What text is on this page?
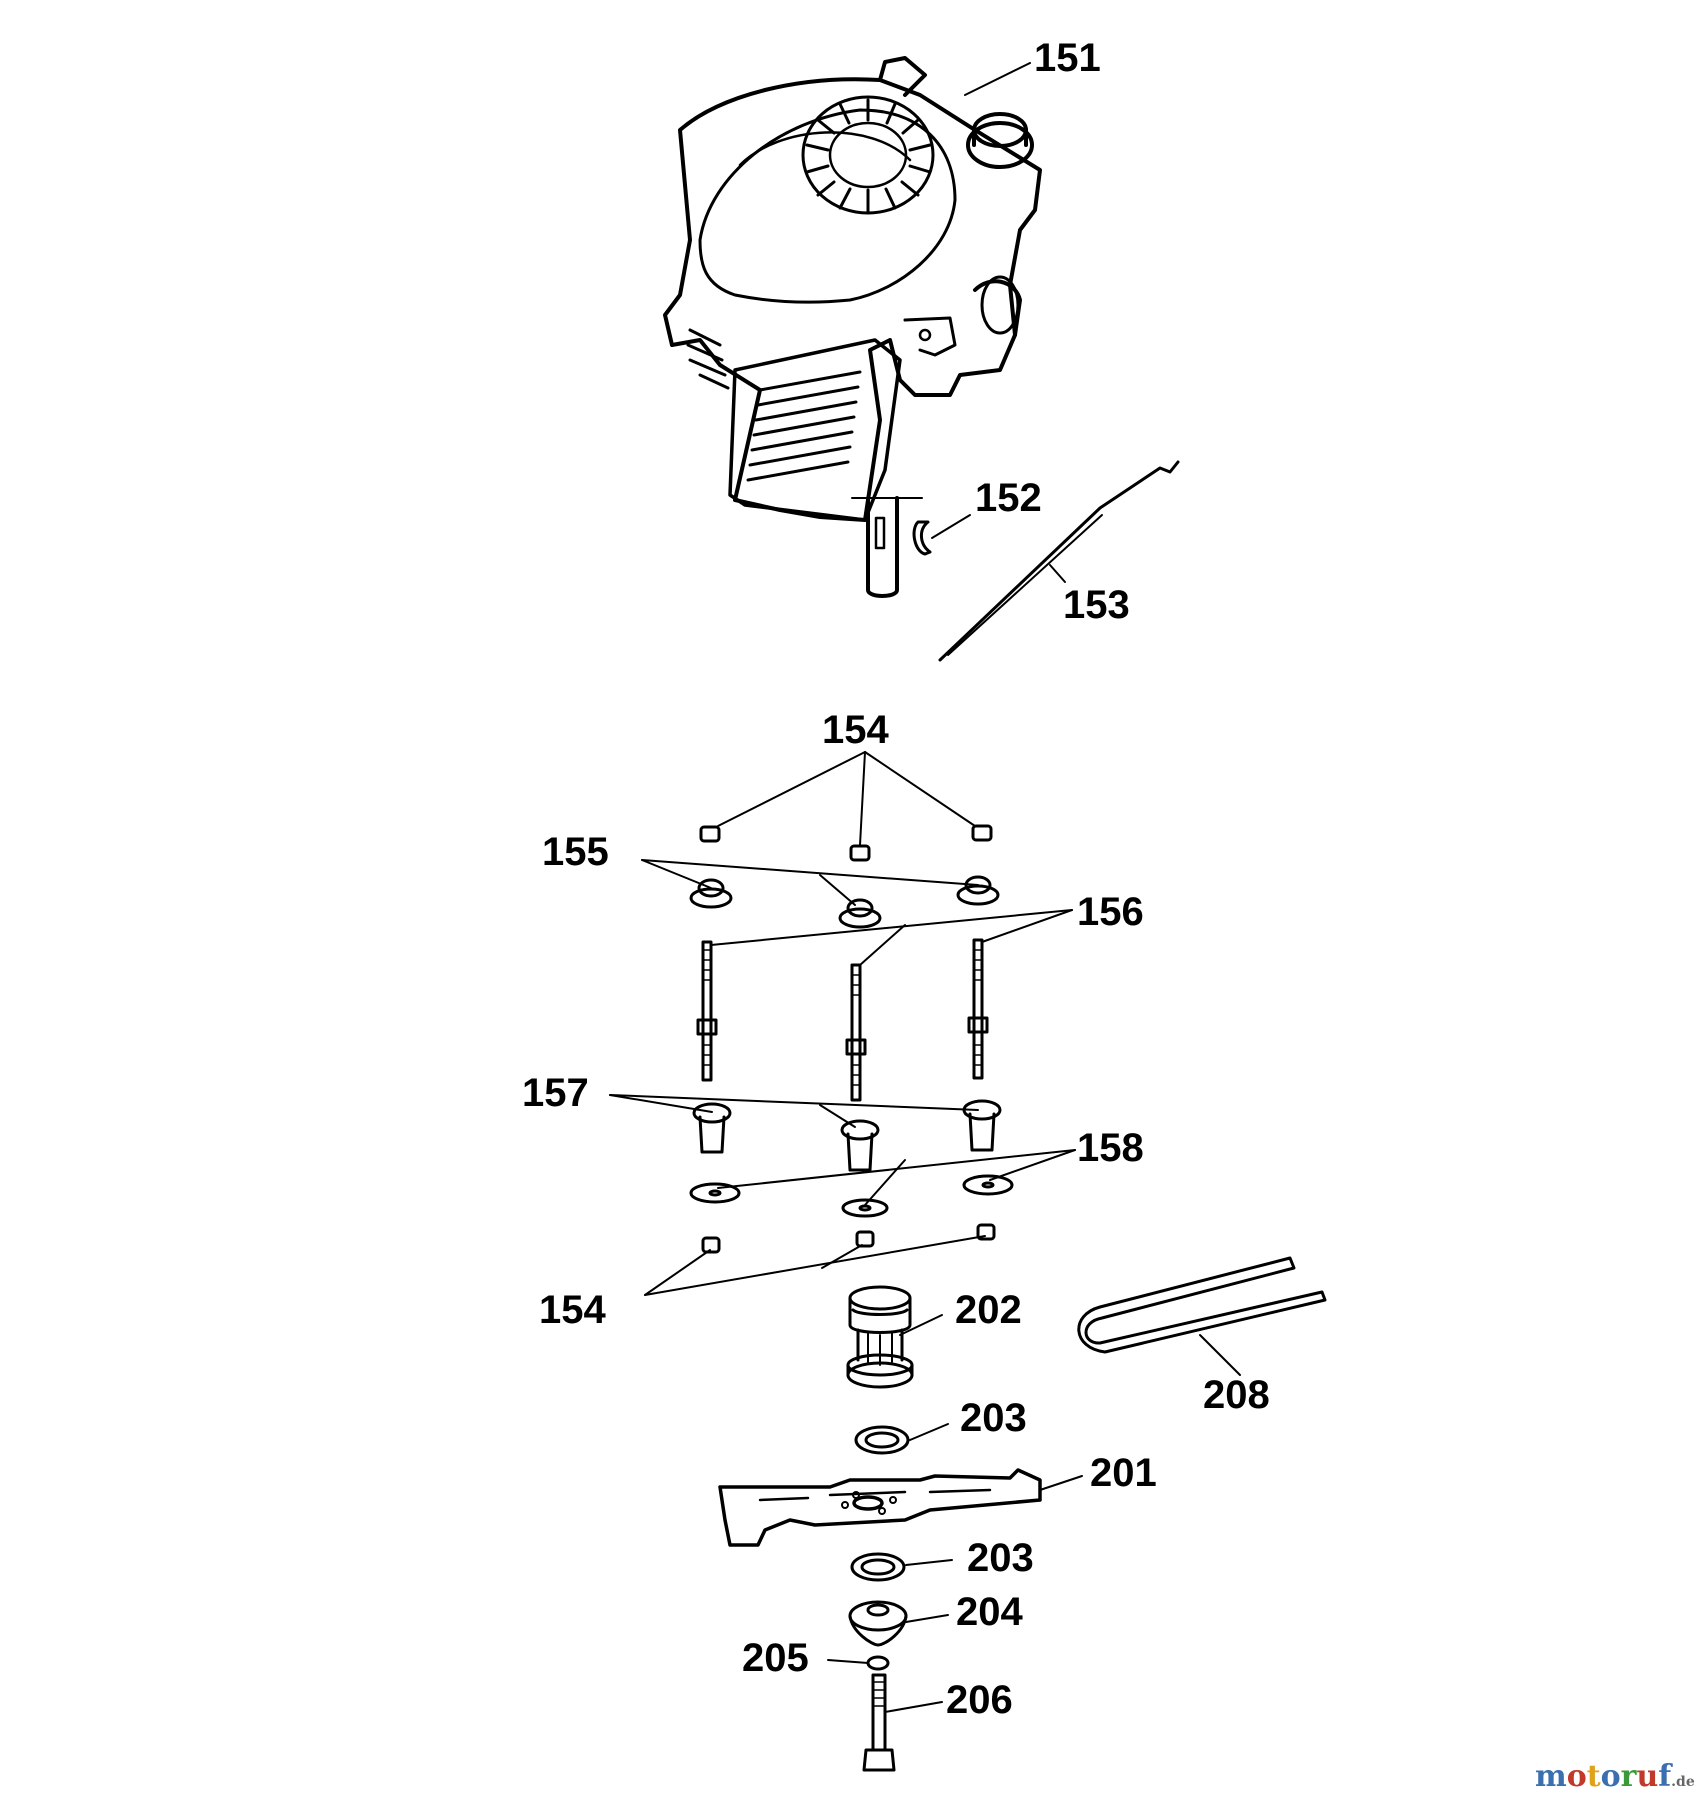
151
152
153
154
155
156
157
158
154	202
208
203
201
203
204
205
206
motoruf.de
